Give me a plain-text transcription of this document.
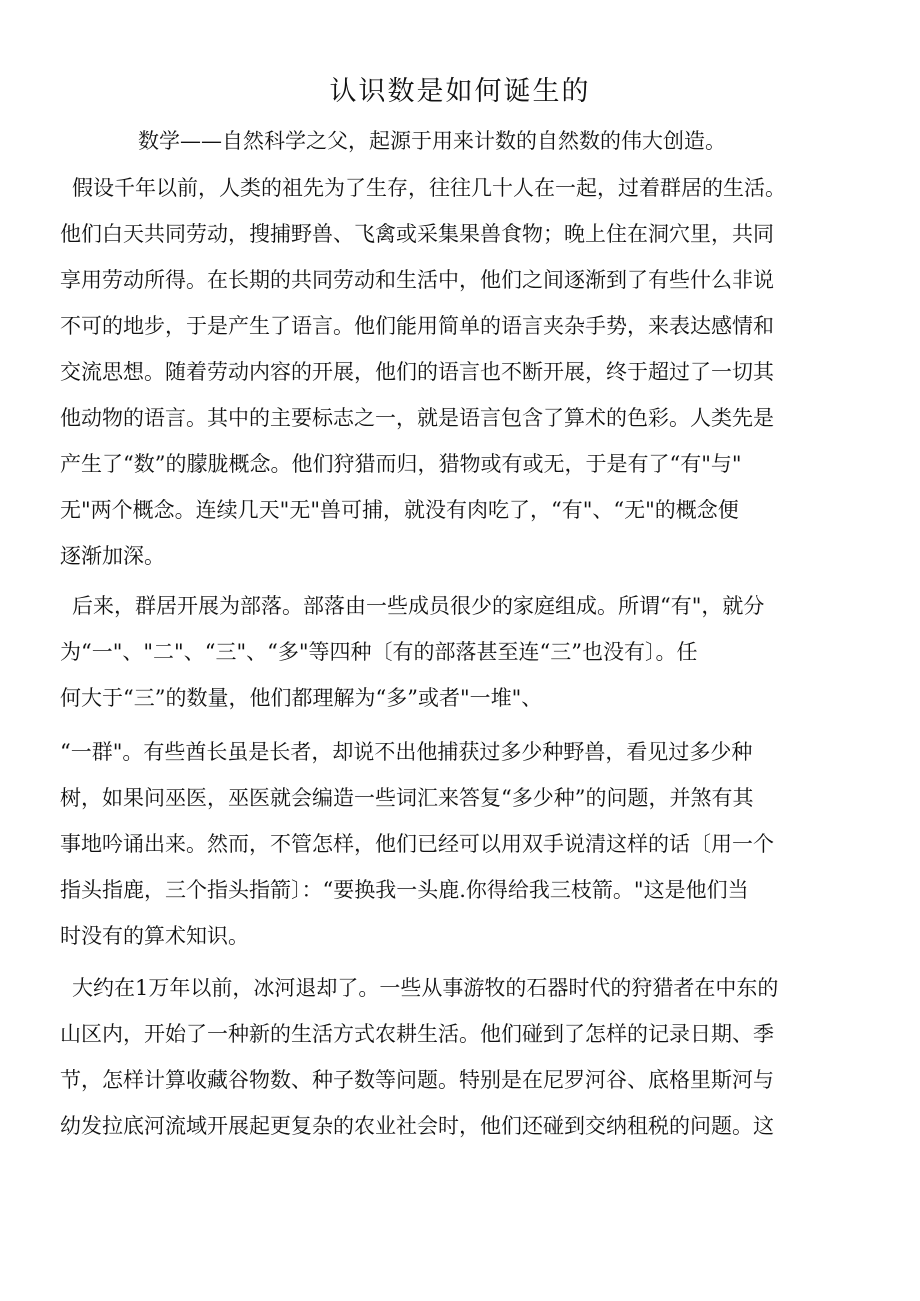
认识数是如何诞生的

数学——自然科学之父，起源于用来计数的自然数的伟大创造。

假设千年以前，人类的祖先为了生存，往往几十人在一起，过着群居的生活。

他们白天共同劳动，搜捕野兽、飞禽或采集果兽食物；晚上住在洞穴里，共同

享用劳动所得。在长期的共同劳动和生活中，他们之间逐渐到了有些什么非说

不可的地步，于是产生了语言。他们能用简单的语言夹杂手势，来表达感情和

交流思想。随着劳动内容的开展，他们的语言也不断开展，终于超过了一切其

他动物的语言。其中的主要标志之一，就是语言包含了算术的色彩。人类先是

产生了“数”的朦胧概念。他们狩猎而归，猎物或有或无，于是有了“有"与"

无"两个概念。连续几天"无"兽可捕，就没有肉吃了，“有"、“无"的概念便

逐渐加深。

后来，群居开展为部落。部落由一些成员很少的家庭组成。所谓“有"，就分

为“一"、"二"、“三"、“多"等四种〔有的部落甚至连“三”也没有〕。任

何大于“三”的数量，他们都理解为“多”或者"一堆"、

“一群"。有些酋长虽是长者，却说不出他捕获过多少种野兽，看见过多少种

树，如果问巫医，巫医就会编造一些词汇来答复“多少种”的问题，并煞有其

事地吟诵出来。然而，不管怎样，他们已经可以用双手说清这样的话〔用一个

指头指鹿，三个指头指箭〕：“要换我一头鹿.你得给我三枝箭。"这是他们当

时没有的算术知识。

大约在1万年以前，冰河退却了。一些从事游牧的石器时代的狩猎者在中东的

山区内，开始了一种新的生活方式农耕生活。他们碰到了怎样的记录日期、季

节，怎样计算收藏谷物数、种子数等问题。特别是在尼罗河谷、底格里斯河与

幼发拉底河流域开展起更复杂的农业社会时，他们还碰到交纳租税的问题。这
